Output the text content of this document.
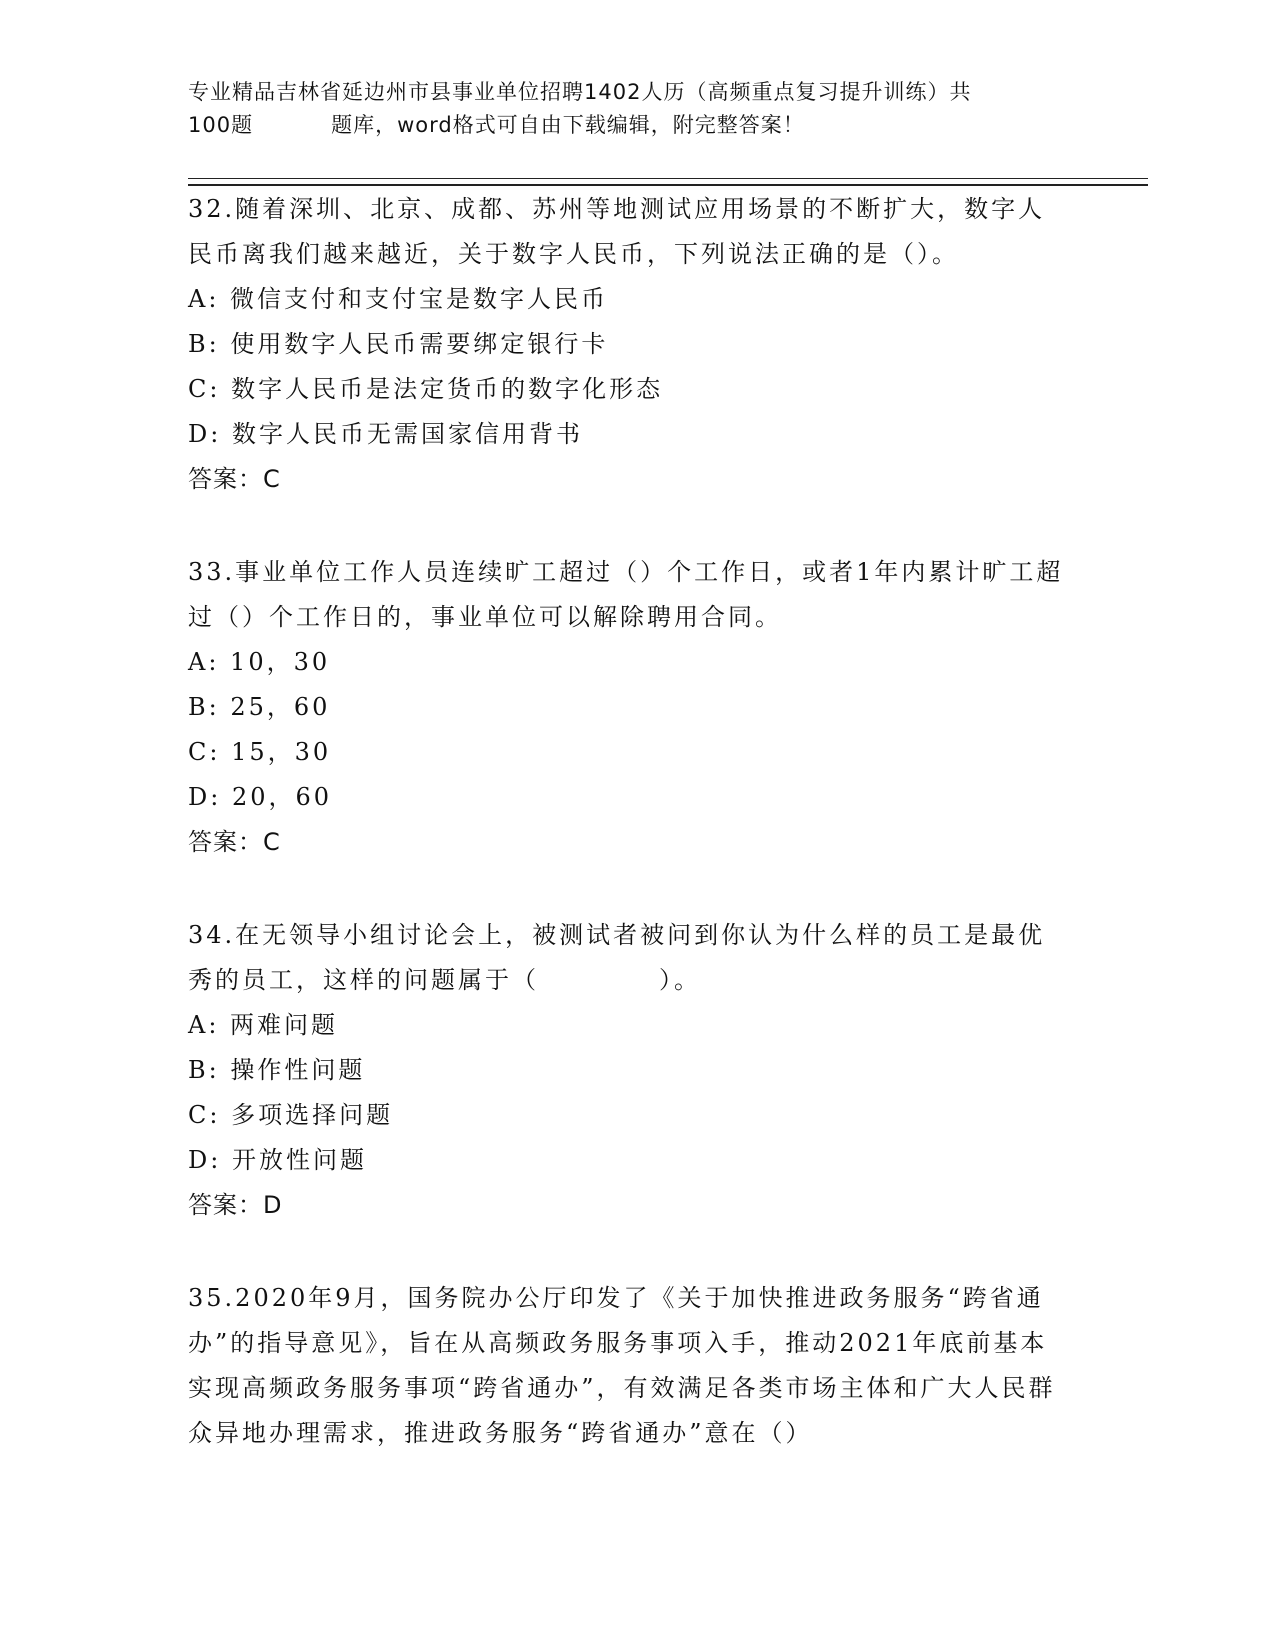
专业精品吉林省延边州市县事业单位招聘1402人历（高频重点复习提升训练）共
100题	题库，word格式可自由下载编辑，附完整答案！

32.随着深圳、北京、成都、苏州等地测试应用场景的不断扩大，数字人民币离我们越来越近，关于数字人民币，下列说法正确的是（）。

A: 微信支付和支付宝是数字人民币

B: 使用数字人民币需要绑定银行卡

C: 数字人民币是法定货币的数字化形态

D: 数字人民币无需国家信用背书

答案：C

33.事业单位工作人员连续旷工超过（）个工作日，或者1年内累计旷工超过（）个工作日的，事业单位可以解除聘用合同。

A: 10，30

B: 25，60

C: 15，30

D: 20，60

答案：C

34.在无领导小组讨论会上，被测试者被问到你认为什么样的员工是最优秀的员工，这样的问题属于（	）。

A: 两难问题

B: 操作性问题

C: 多项选择问题

D: 开放性问题

答案：D

35.2020年9月，国务院办公厅印发了《关于加快推进政务服务“跨省通办”的指导意见》，旨在从高频政务服务事项入手，推动2021年底前基本实现高频政务服务事项“跨省通办”，有效满足各类市场主体和广大人民群众异地办理需求，推进政务服务“跨省通办”意在（）
